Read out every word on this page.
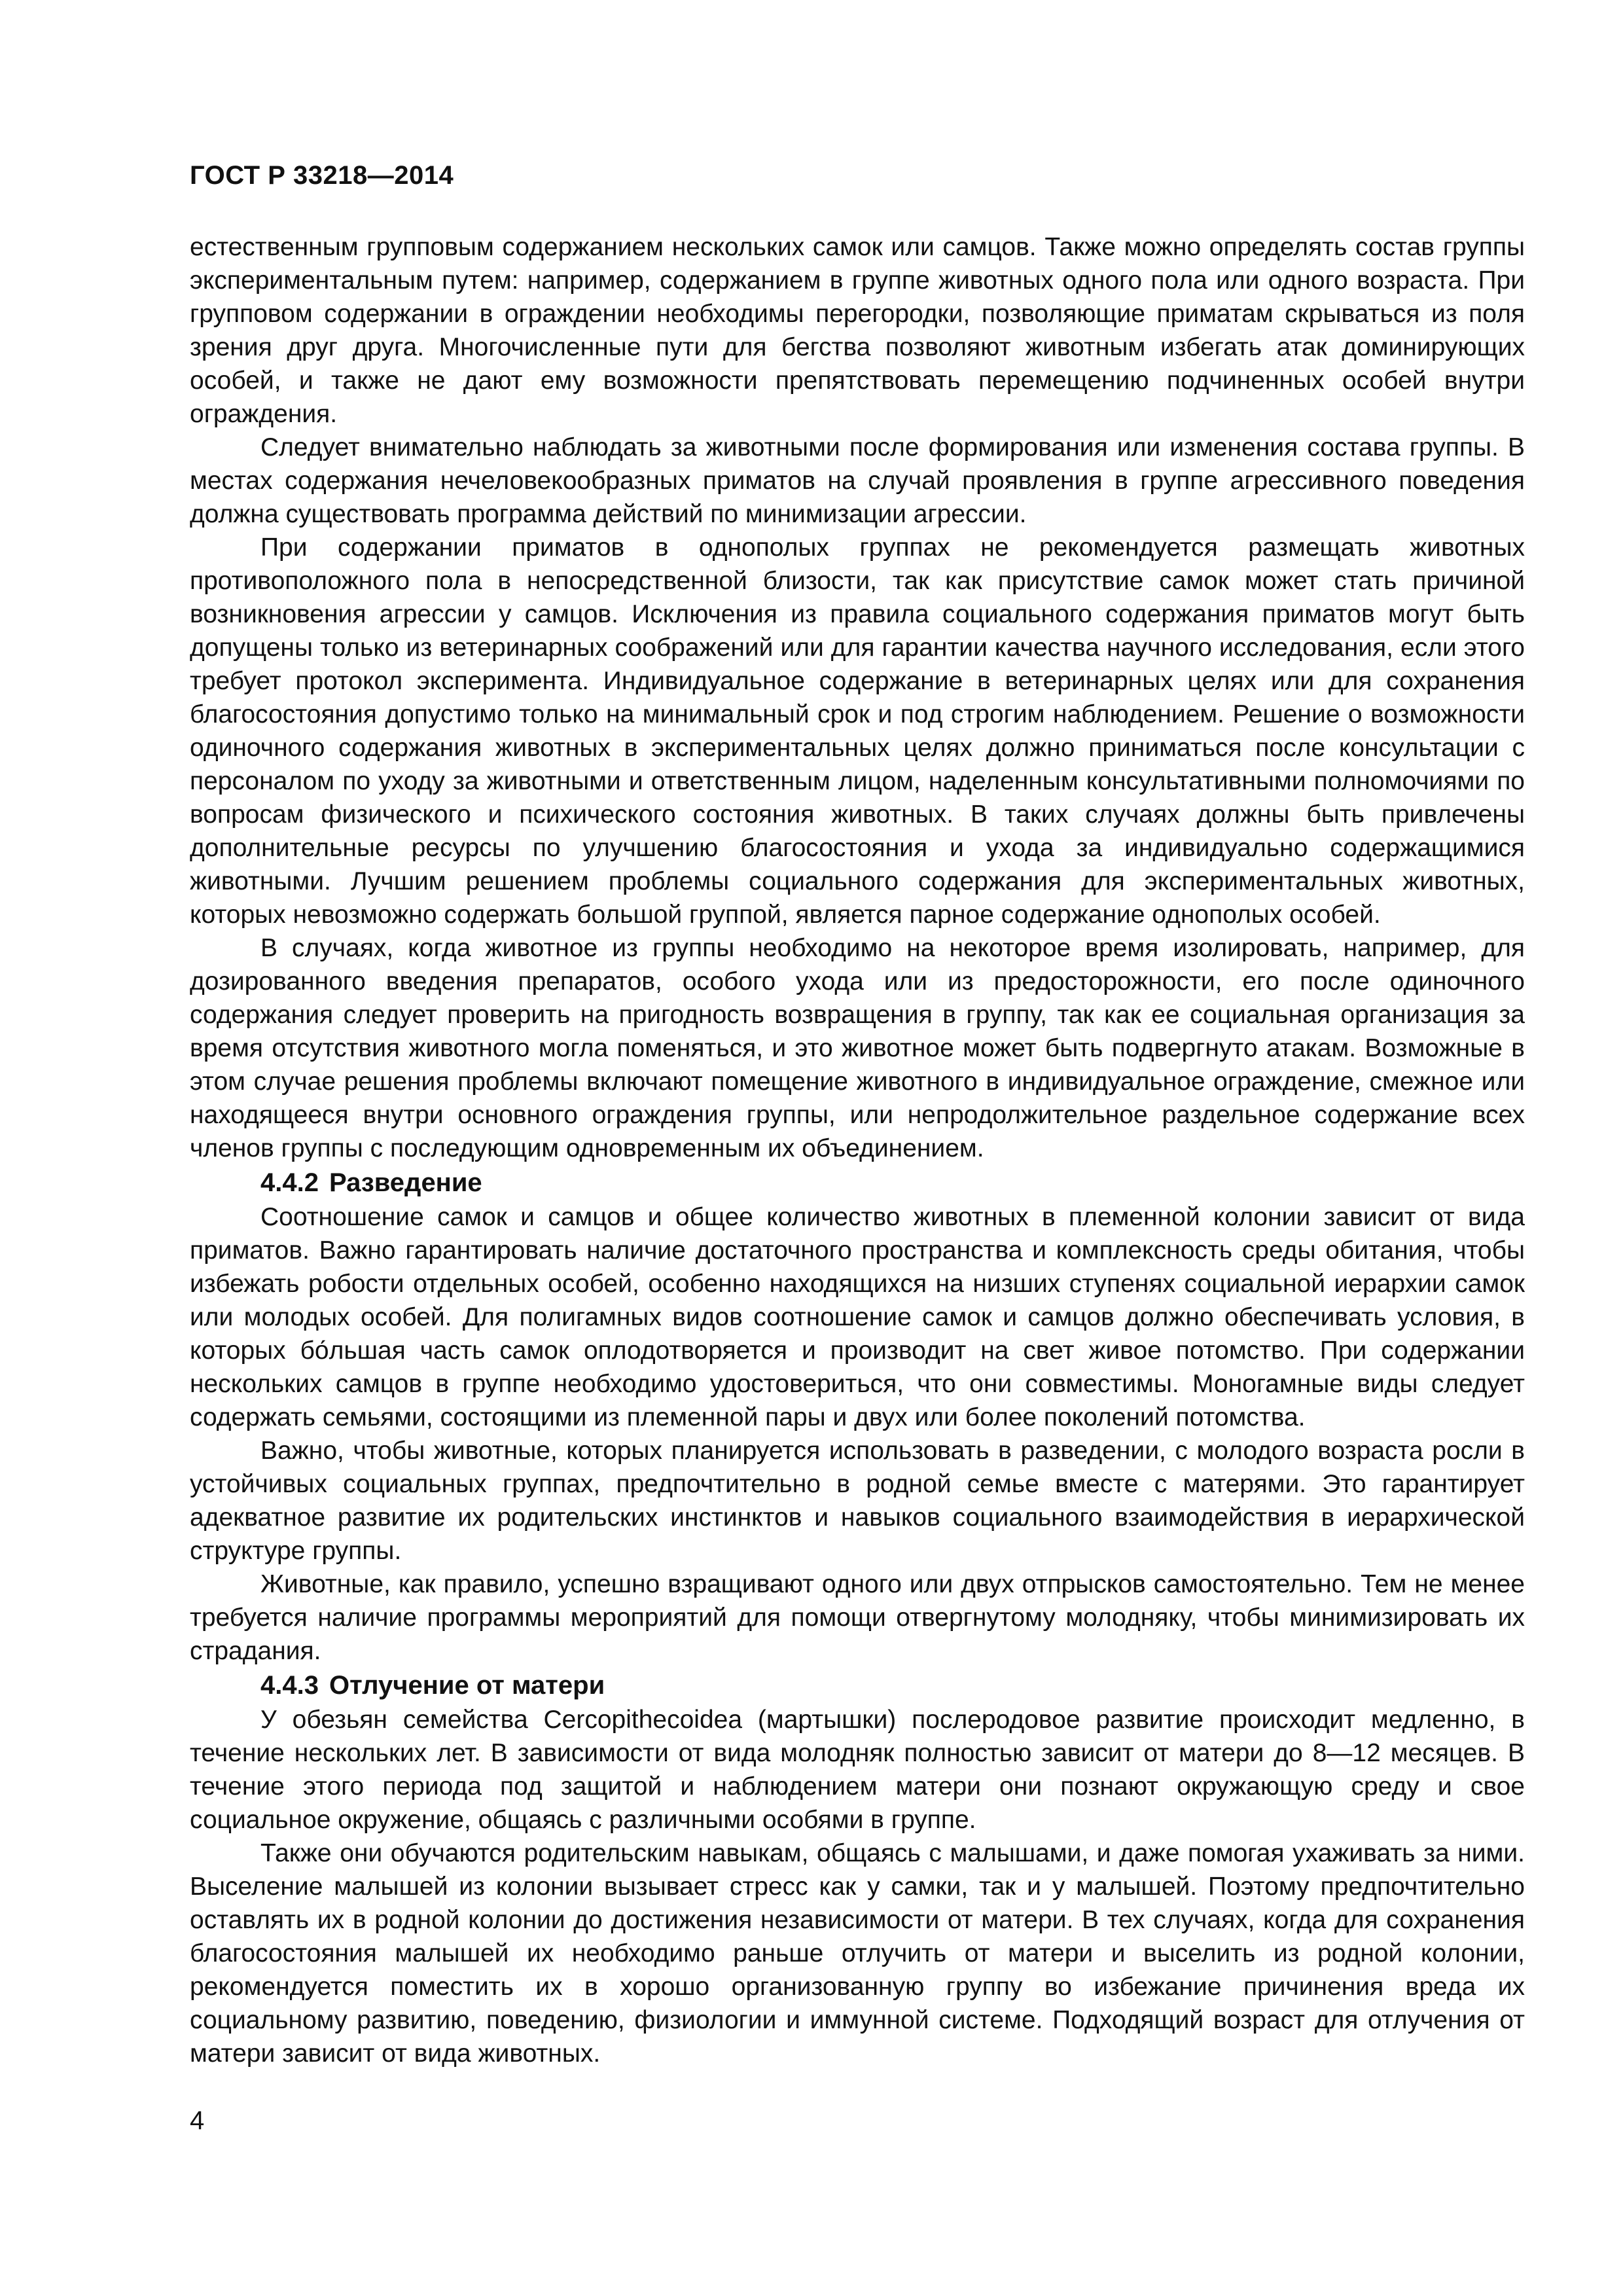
ГОСТ Р 33218—2014

естественным групповым содержанием нескольких самок или самцов. Также можно определять состав группы экспериментальным путем: например, содержанием в группе животных одного пола или одного возраста. При групповом содержании в ограждении необходимы перегородки, позволяющие приматам скрываться из поля зрения друг друга. Многочисленные пути для бегства позволяют животным избегать атак доминирующих особей, и также не дают ему возможности препятствовать перемещению подчиненных особей внутри ограждения.

Следует внимательно наблюдать за животными после формирования или изменения состава группы. В местах содержания нечеловекообразных приматов на случай проявления в группе агрессивного поведения должна существовать программа действий по минимизации агрессии.

При содержании приматов в однополых группах не рекомендуется размещать животных противоположного пола в непосредственной близости, так как присутствие самок может стать причиной возникновения агрессии у самцов. Исключения из правила социального содержания приматов могут быть допущены только из ветеринарных соображений или для гарантии качества научного исследования, если этого требует протокол эксперимента. Индивидуальное содержание в ветеринарных целях или для сохранения благосостояния допустимо только на минимальный срок и под строгим наблюдением. Решение о возможности одиночного содержания животных в экспериментальных целях должно приниматься после консультации с персоналом по уходу за животными и ответственным лицом, наделенным консультативными полномочиями по вопросам физического и психического состояния животных. В таких случаях должны быть привлечены дополнительные ресурсы по улучшению благосостояния и ухода за индивидуально содержащимися животными. Лучшим решением проблемы социального содержания для экспериментальных животных, которых невозможно содержать большой группой, является парное содержание однополых особей.

В случаях, когда животное из группы необходимо на некоторое время изолировать, например, для дозированного введения препаратов, особого ухода или из предосторожности, его после одиночного содержания следует проверить на пригодность возвращения в группу, так как ее социальная организация за время отсутствия животного могла поменяться, и это животное может быть подвергнуто атакам. Возможные в этом случае решения проблемы включают помещение животного в индивидуальное ограждение, смежное или находящееся внутри основного ограждения группы, или непродолжительное раздельное содержание всех членов группы с последующим одновременным их объединением.

4.4.2 Разведение

Соотношение самок и самцов и общее количество животных в племенной колонии зависит от вида приматов. Важно гарантировать наличие достаточного пространства и комплексность среды обитания, чтобы избежать робости отдельных особей, особенно находящихся на низших ступенях социальной иерархии самок или молодых особей. Для полигамных видов соотношение самок и самцов должно обеспечивать условия, в которых бо́льшая часть самок оплодотворяется и производит на свет живое потомство. При содержании нескольких самцов в группе необходимо удостовериться, что они совместимы. Моногамные виды следует содержать семьями, состоящими из племенной пары и двух или более поколений потомства.

Важно, чтобы животные, которых планируется использовать в разведении, с молодого возраста росли в устойчивых социальных группах, предпочтительно в родной семье вместе с матерями. Это гарантирует адекватное развитие их родительских инстинктов и навыков социального взаимодействия в иерархической структуре группы.

Животные, как правило, успешно взращивают одного или двух отпрысков самостоятельно. Тем не менее требуется наличие программы мероприятий для помощи отвергнутому молодняку, чтобы минимизировать их страдания.

4.4.3 Отлучение от матери

У обезьян семейства Cercopithecoidea (мартышки) послеродовое развитие происходит медленно, в течение нескольких лет. В зависимости от вида молодняк полностью зависит от матери до 8—12 месяцев. В течение этого периода под защитой и наблюдением матери они познают окружающую среду и свое социальное окружение, общаясь с различными особями в группе.

Также они обучаются родительским навыкам, общаясь с малышами, и даже помогая ухаживать за ними. Выселение малышей из колонии вызывает стресс как у самки, так и у малышей. Поэтому предпочтительно оставлять их в родной колонии до достижения независимости от матери. В тех случаях, когда для сохранения благосостояния малышей их необходимо раньше отлучить от матери и выселить из родной колонии, рекомендуется поместить их в хорошо организованную группу во избежание причинения вреда их социальному развитию, поведению, физиологии и иммунной системе. Подходящий возраст для отлучения от матери зависит от вида животных.

4
